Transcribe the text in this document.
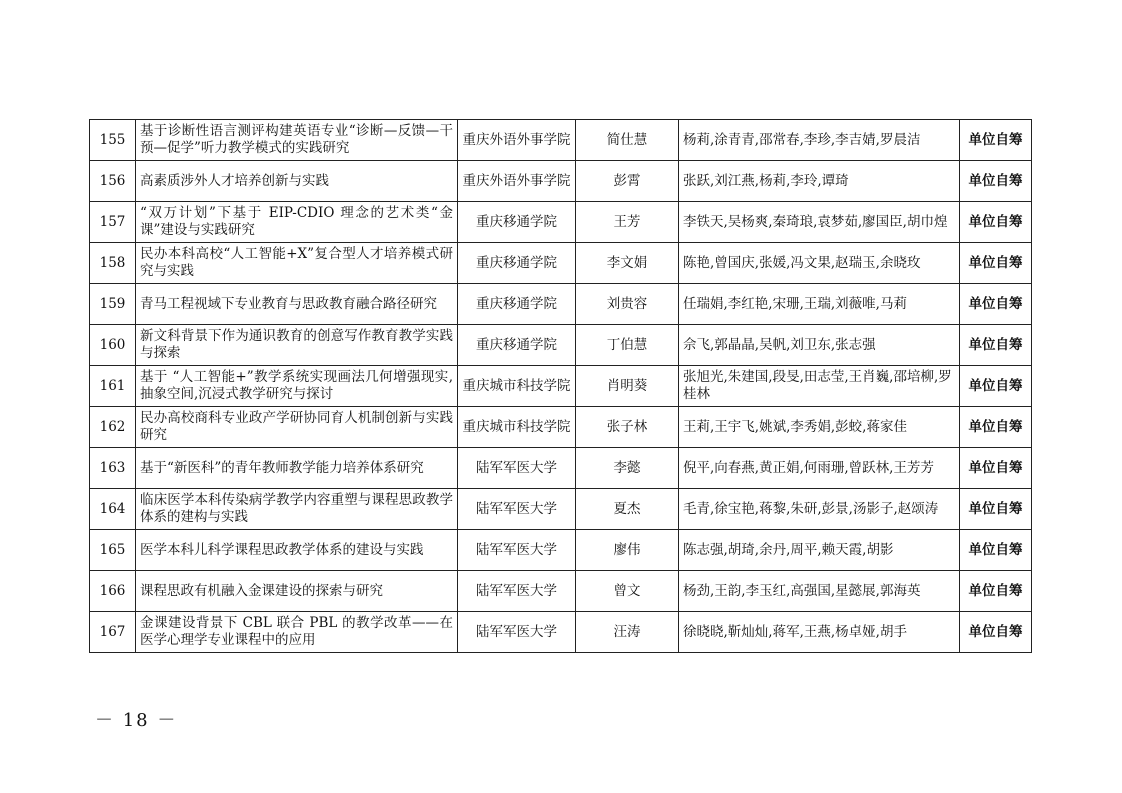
155	基于诊断性语言测评构建英语专业“诊断—反馈—干预—促学”听力教学模式的实践研究	重庆外语外事学院	简仕慧	杨莉,涂青青,邵常春,李珍,李吉婧,罗晨洁	单位自筹
156	高素质涉外人才培养创新与实践	重庆外语外事学院	彭霄	张跃,刘江燕,杨莉,李玲,谭琦	单位自筹
157	“双万计划”下基于 EIP-CDIO 理念的艺术类“金课”建设与实践研究	重庆移通学院	王芳	李铁天,吴杨爽,秦琦琅,袁梦茹,廖国臣,胡巾煌	单位自筹
158	民办本科高校“人工智能+X”复合型人才培养模式研究与实践	重庆移通学院	李文娟	陈艳,曾国庆,张媛,冯文果,赵瑞玉,余晓玫	单位自筹
159	青马工程视域下专业教育与思政教育融合路径研究	重庆移通学院	刘贵容	任瑞娟,李红艳,宋珊,王瑞,刘薇唯,马莉	单位自筹
160	新文科背景下作为通识教育的创意写作教育教学实践与探索	重庆移通学院	丁伯慧	佘飞,郭晶晶,吴帆,刘卫东,张志强	单位自筹
161	基于 “人工智能+”教学系统实现画法几何增强现实,抽象空间,沉浸式教学研究与探讨	重庆城市科技学院	肖明葵	张旭光,朱建国,段旻,田志莹,王肖巍,邵培柳,罗桂林	单位自筹
162	民办高校商科专业政产学研协同育人机制创新与实践研究	重庆城市科技学院	张子林	王莉,王宇飞,姚斌,李秀娟,彭蛟,蒋家佳	单位自筹
163	基于“新医科”的青年教师教学能力培养体系研究	陆军军医大学	李懿	倪平,向春燕,黄正娟,何雨珊,曾跃林,王芳芳	单位自筹
164	临床医学本科传染病学教学内容重塑与课程思政教学体系的建构与实践	陆军军医大学	夏杰	毛青,徐宝艳,蒋黎,朱研,彭景,汤影子,赵颂涛	单位自筹
165	医学本科儿科学课程思政教学体系的建设与实践	陆军军医大学	廖伟	陈志强,胡琦,余丹,周平,赖天霞,胡影	单位自筹
166	课程思政有机融入金课建设的探索与研究	陆军军医大学	曾文	杨劲,王韵,李玉红,高强国,星懿展,郭海英	单位自筹
167	金课建设背景下 CBL 联合 PBL 的教学改革——在医学心理学专业课程中的应用	陆军军医大学	汪涛	徐晓晓,靳灿灿,蒋军,王燕,杨卓娅,胡手	单位自筹
－ 18 －
